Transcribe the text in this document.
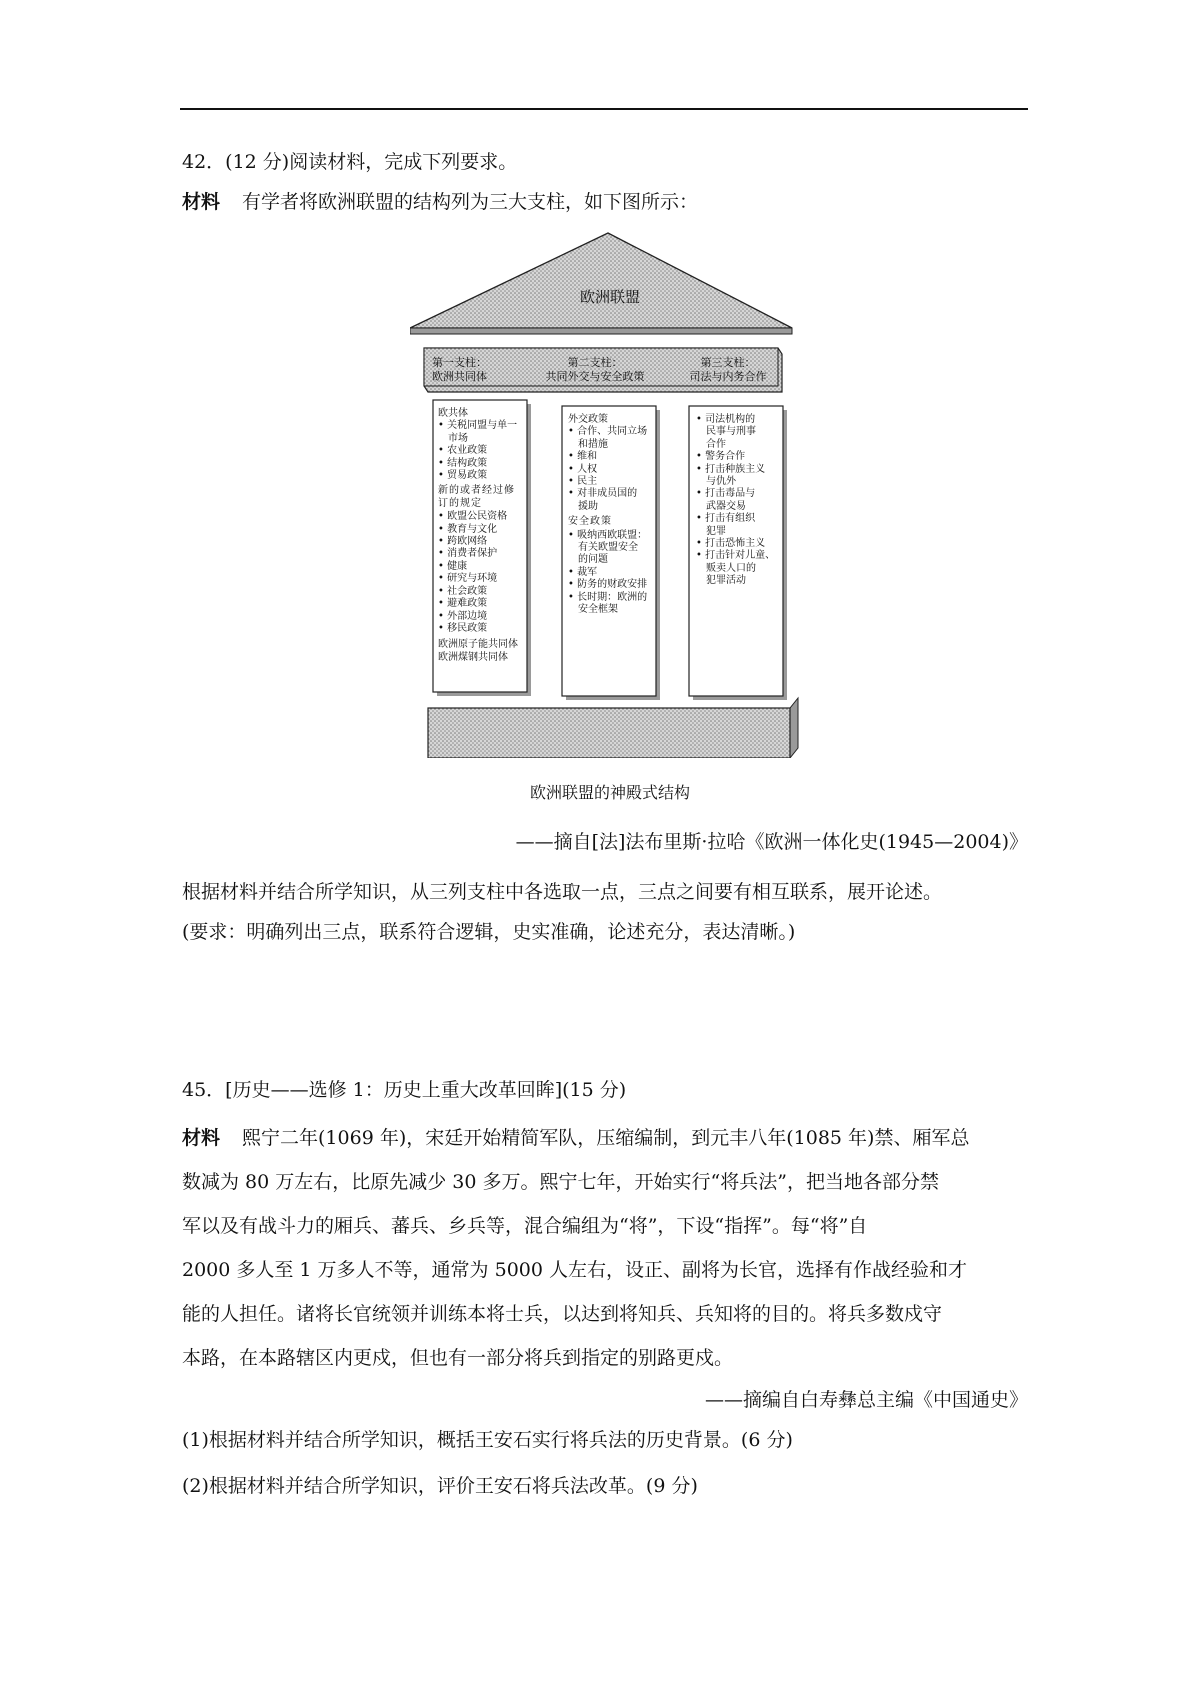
42．(12 分)阅读材料，完成下列要求。
材料 有学者将欧洲联盟的结构列为三大支柱，如下图所示：
欧洲联盟
第一支柱：
欧洲共同体
第二支柱：
共同外交与安全政策
第三支柱：
司法与内务合作
欧共体
• 关税同盟与单一
市场
• 农业政策
• 结构政策
• 贸易政策
新的或者经过修订的规定
• 欧盟公民资格
• 教育与文化
• 跨欧网络
• 消费者保护
• 健康
• 研究与环境
• 社会政策
• 避难政策
• 外部边境
• 移民政策
欧洲原子能共同体
欧洲煤钢共同体
外交政策
• 合作、共同立场
和措施
• 维和
• 人权
• 民主
• 对非成员国的
援助
安全政策
• 吸纳西欧联盟：
有关欧盟安全
的问题
• 裁军
• 防务的财政安排
• 长时期：欧洲的
安全框架
• 司法机构的
民事与刑事
合作
• 警务合作
• 打击种族主义
与仇外
• 打击毒品与
武器交易
• 打击有组织
犯罪
• 打击恐怖主义
• 打击针对儿童、
贩卖人口的
犯罪活动
欧洲联盟的神殿式结构
——摘自[法]法布里斯·拉哈《欧洲一体化史(1945—2004)》
根据材料并结合所学知识，从三列支柱中各选取一点，三点之间要有相互联系，展开论述。
(要求：明确列出三点，联系符合逻辑，史实准确，论述充分，表达清晰。)
45．[历史——选修 1：历史上重大改革回眸](15 分)
材料 熙宁二年(1069 年)，宋廷开始精简军队，压缩编制，到元丰八年(1085 年)禁、厢军总
数减为 80 万左右，比原先减少 30 多万。熙宁七年，开始实行“将兵法”，把当地各部分禁
军以及有战斗力的厢兵、蕃兵、乡兵等，混合编组为“将”，下设“指挥”。每“将”自
2000 多人至 1 万多人不等，通常为 5000 人左右，设正、副将为长官，选择有作战经验和才
能的人担任。诸将长官统领并训练本将士兵，以达到将知兵、兵知将的目的。将兵多数戍守
本路，在本路辖区内更戍，但也有一部分将兵到指定的别路更戍。
——摘编自白寿彝总主编《中国通史》
(1)根据材料并结合所学知识，概括王安石实行将兵法的历史背景。(6 分)
(2)根据材料并结合所学知识，评价王安石将兵法改革。(9 分)
